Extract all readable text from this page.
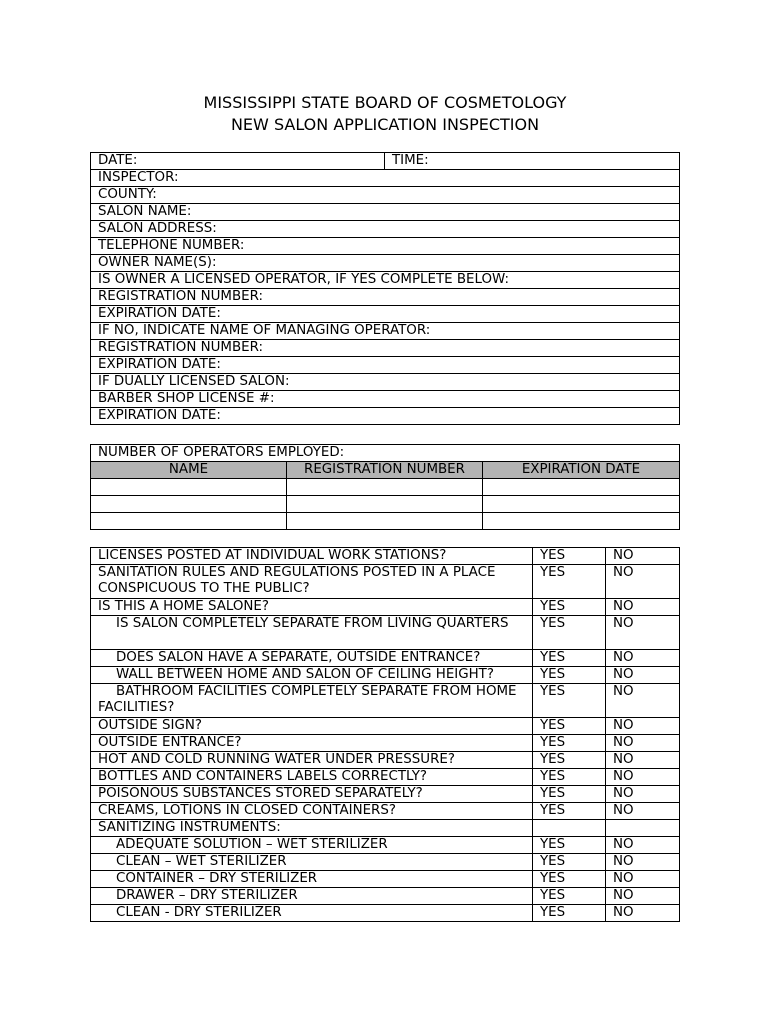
MISSISSIPPI STATE BOARD OF COSMETOLOGY
NEW SALON APPLICATION INSPECTION
DATE:	TIME:
INSPECTOR:
COUNTY:
SALON NAME:
SALON ADDRESS:
TELEPHONE NUMBER:
OWNER NAME(S):
IS OWNER A LICENSED OPERATOR, IF YES COMPLETE BELOW:
REGISTRATION NUMBER:
EXPIRATION DATE:
IF NO, INDICATE NAME OF MANAGING OPERATOR:
REGISTRATION NUMBER:
EXPIRATION DATE:
IF DUALLY LICENSED SALON:
BARBER SHOP LICENSE #:
EXPIRATION DATE:
NUMBER OF OPERATORS EMPLOYED:		
NAME	REGISTRATION NUMBER	EXPIRATION DATE

LICENSES POSTED AT INDIVIDUAL WORK STATIONS?	YES	NO
SANITATION RULES AND REGULATIONS POSTED IN A PLACE CONSPICUOUS TO THE PUBLIC?	YES	NO
IS THIS A HOME SALONE?	YES	NO
IS SALON COMPLETELY SEPARATE FROM LIVING QUARTERS	YES	NO
DOES SALON HAVE A SEPARATE, OUTSIDE ENTRANCE?	YES	NO
WALL BETWEEN HOME AND SALON OF CEILING HEIGHT?	YES	NO
BATHROOM FACILITIES COMPLETELY SEPARATE FROM HOME FACILITIES?	YES	NO
OUTSIDE SIGN?	YES	NO
OUTSIDE ENTRANCE?	YES	NO
HOT AND COLD RUNNING WATER UNDER PRESSURE?	YES	NO
BOTTLES AND CONTAINERS LABELS CORRECTLY?	YES	NO
POISONOUS SUBSTANCES STORED SEPARATELY?	YES	NO
CREAMS, LOTIONS IN CLOSED CONTAINERS?	YES	NO
SANITIZING INSTRUMENTS:		
ADEQUATE SOLUTION – WET STERILIZER	YES	NO
CLEAN – WET STERILIZER	YES	NO
CONTAINER – DRY STERILIZER	YES	NO
DRAWER – DRY STERILIZER	YES	NO
CLEAN - DRY STERILIZER	YES	NO
